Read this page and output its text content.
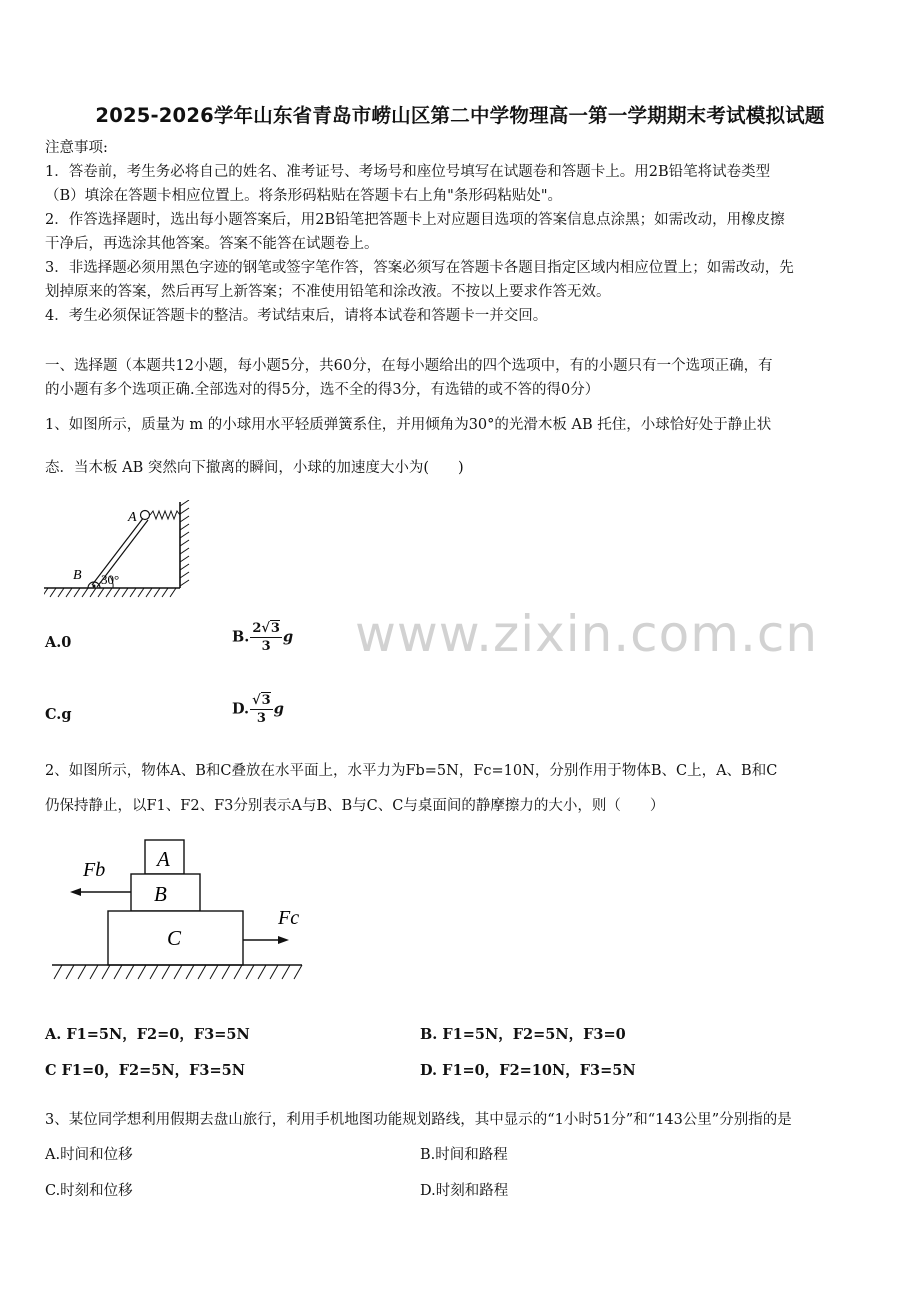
2025-2026学年山东省青岛市崂山区第二中学物理高一第一学期期末考试模拟试题
注意事项:
1．答卷前，考生务必将自己的姓名、准考证号、考场号和座位号填写在试题卷和答题卡上。用2B铅笔将试卷类型
（B）填涂在答题卡相应位置上。将条形码粘贴在答题卡右上角"条形码粘贴处"。
2．作答选择题时，选出每小题答案后，用2B铅笔把答题卡上对应题目选项的答案信息点涂黑；如需改动，用橡皮擦
干净后，再选涂其他答案。答案不能答在试题卷上。
3．非选择题必须用黑色字迹的钢笔或签字笔作答，答案必须写在答题卡各题目指定区域内相应位置上；如需改动，先
划掉原来的答案，然后再写上新答案；不准使用铅笔和涂改液。不按以上要求作答无效。
4．考生必须保证答题卡的整洁。考试结束后，请将本试卷和答题卡一并交回。
一、选择题（本题共12小题，每小题5分，共60分，在每小题给出的四个选项中，有的小题只有一个选项正确，有
的小题有多个选项正确.全部选对的得5分，选不全的得3分，有选错的或不答的得0分）
1、如图所示，质量为 m 的小球用水平轻质弹簧系住，并用倾角为30°的光滑木板 AB 托住，小球恰好处于静止状
态．当木板 AB 突然向下撤离的瞬间，小球的加速度大小为(　　)
A
B 30°
www.zixin.com.cn
A.0	B. $\frac{2√3}{3}$ g
C.g	D. $\frac{√3}{3}$ g
2、如图所示，物体A、B和C叠放在水平面上，水平力为Fb=5N，Fc=10N，分别作用于物体B、C上，A、B和C
仍保持静止，以F1、F2、F3分别表示A与B、B与C、C与桌面间的静摩擦力的大小，则（　　）
A
B
C
Fb
Fc
A. F1=5N，F2=0，F3=5N	B. F1=5N，F2=5N，F3=0
C F1=0，F2=5N，F3=5N	D. F1=0，F2=10N，F3=5N
3、某位同学想利用假期去盘山旅行，利用手机地图功能规划路线，其中显示的“1小时51分”和“143公里”分别指的是
A.时间和位移	B.时间和路程
C.时刻和位移	D.时刻和路程
